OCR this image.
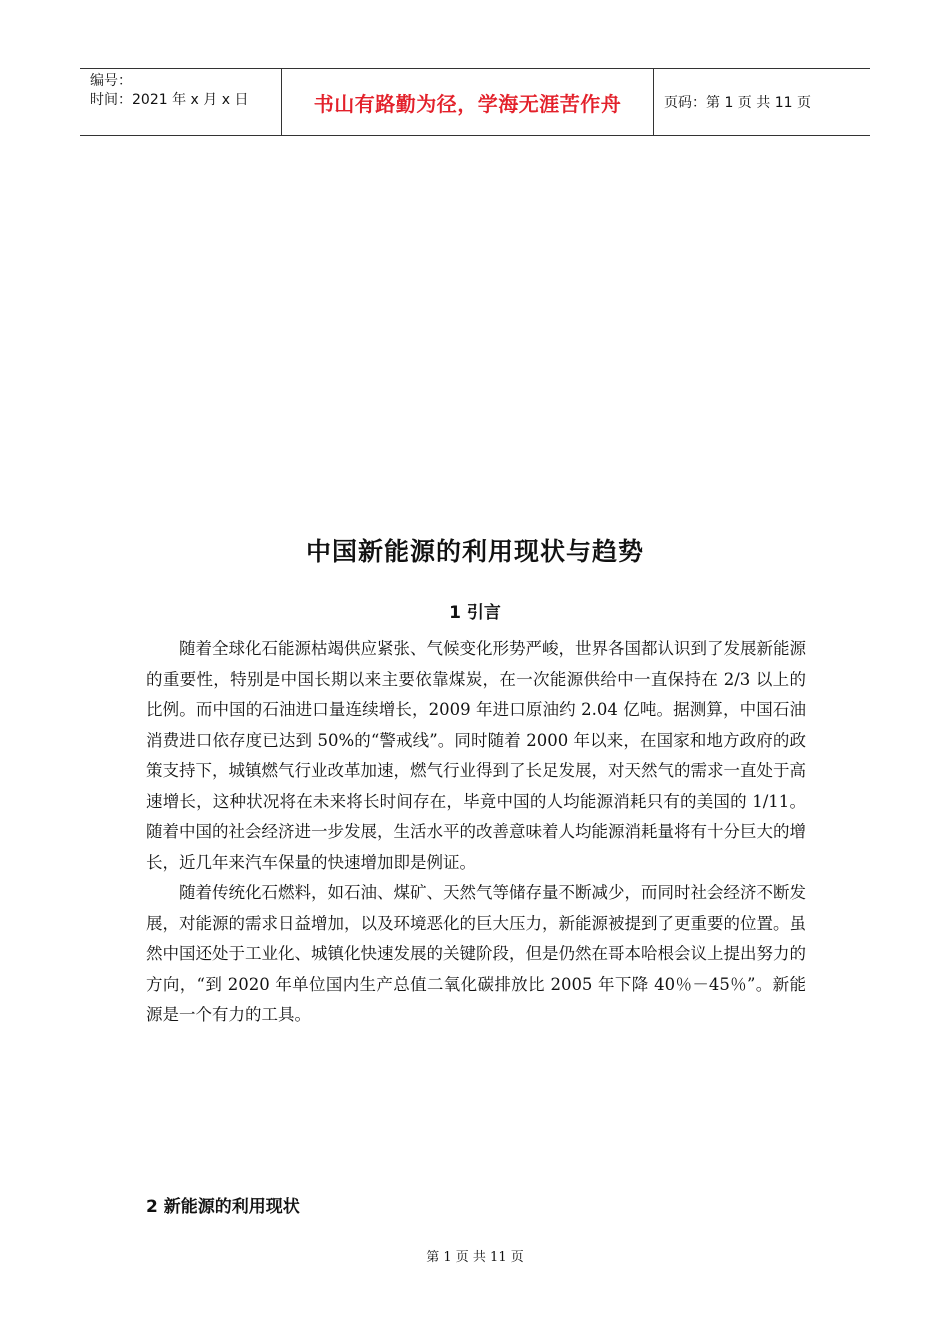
编号：
时间：2021 年 x 月 x 日	书山有路勤为径，学海无涯苦作舟	页码：第 1 页 共 11 页
中国新能源的利用现状与趋势
1 引言

随着全球化石能源枯竭供应紧张、气候变化形势严峻，世界各国都认识到了发展新能源的重要性，特别是中国长期以来主要依靠煤炭，在一次能源供给中一直保持在 2/3 以上的比例。而中国的石油进口量连续增长，2009 年进口原油约 2.04 亿吨。据测算，中国石油消费进口依存度已达到 50%的“警戒线”。同时随着 2000 年以来，在国家和地方政府的政策支持下，城镇燃气行业改革加速，燃气行业得到了长足发展，对天然气的需求一直处于高速增长，这种状况将在未来将长时间存在，毕竟中国的人均能源消耗只有的美国的 1/11。随着中国的社会经济进一步发展，生活水平的改善意味着人均能源消耗量将有十分巨大的增长，近几年来汽车保量的快速增加即是例证。

随着传统化石燃料，如石油、煤矿、天然气等储存量不断减少，而同时社会经济不断发展，对能源的需求日益增加，以及环境恶化的巨大压力，新能源被提到了更重要的位置。虽然中国还处于工业化、城镇化快速发展的关键阶段，但是仍然在哥本哈根会议上提出努力的方向，“到 2020 年单位国内生产总值二氧化碳排放比 2005 年下降 40％－45％”。新能源是一个有力的工具。

2 新能源的利用现状
第 1 页 共 11 页
